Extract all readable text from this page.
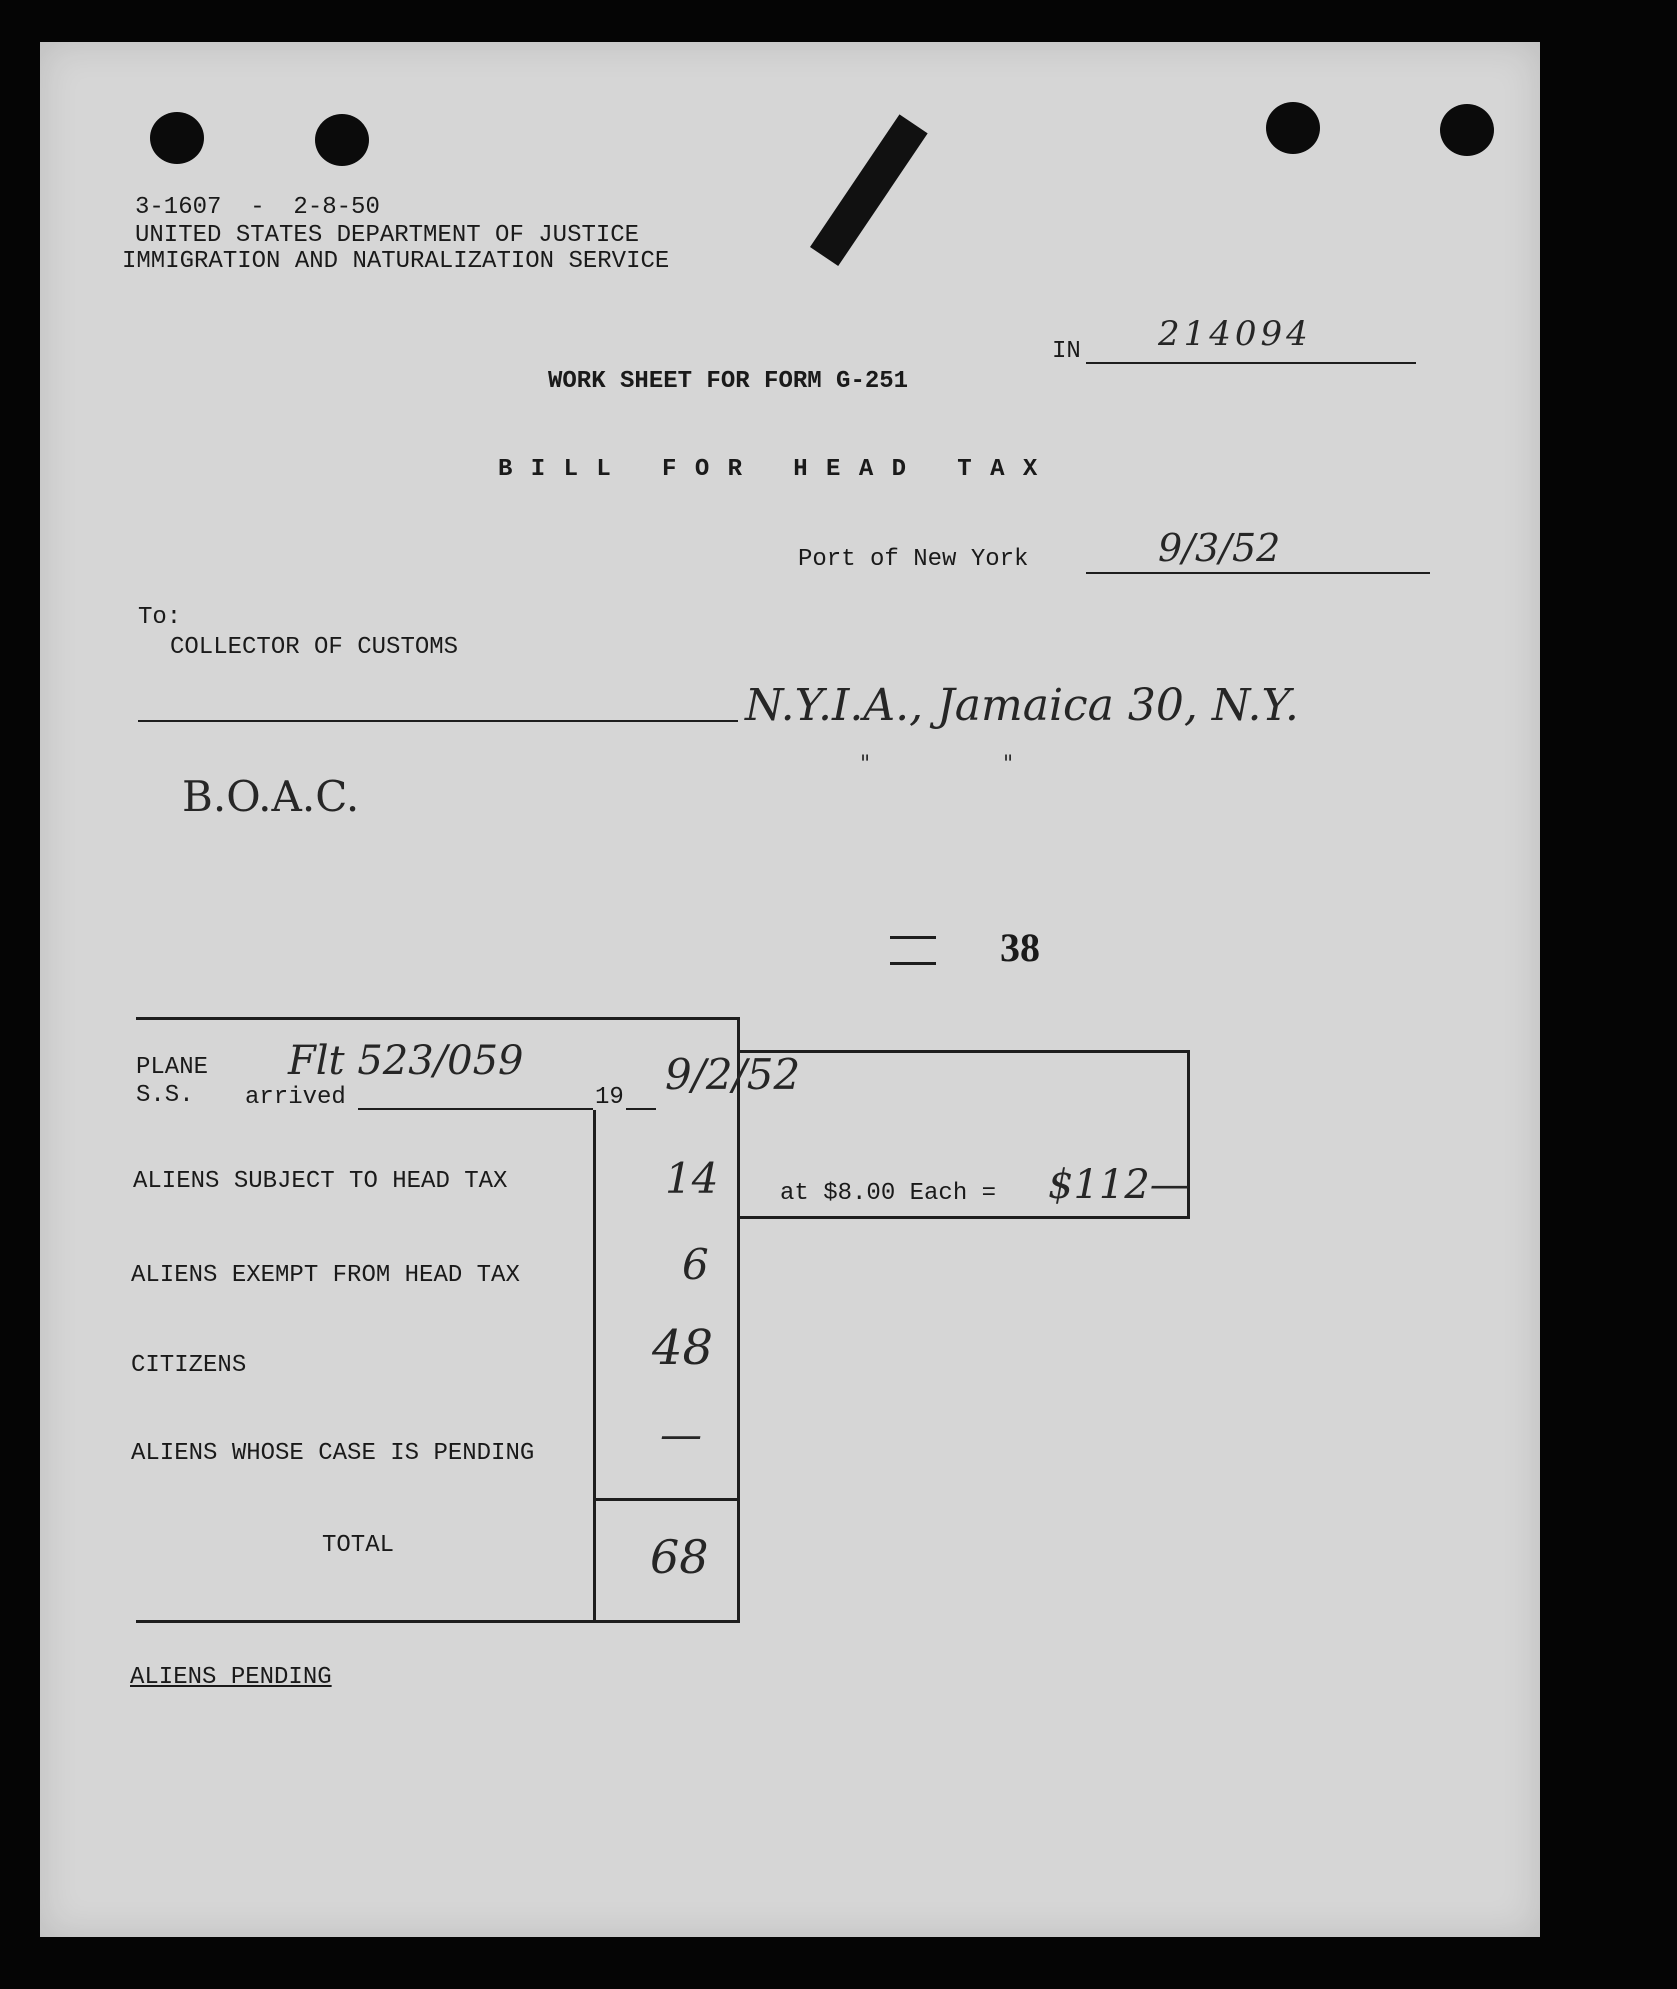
3-1607  -  2-8-50
UNITED STATES DEPARTMENT OF JUSTICE
IMMIGRATION AND NATURALIZATION SERVICE
IN 214094
WORK SHEET FOR FORM G-251
B I L L   F O R   H E A D   T A X
Port of New York	9/3/52
To:
COLLECTOR OF CUSTOMS
N.Y.I.A., Jamaica 30, N.Y.
"                   "
B.O.A.C.
38
PLANE
S.S. arrived	19
Flt 523/059	9/2/52
ALIENS SUBJECT TO HEAD TAX	14
ALIENS EXEMPT FROM HEAD TAX	6
CITIZENS	48
ALIENS WHOSE CASE IS PENDING	—
TOTAL	68
at $8.00 Each = $112—
ALIENS PENDING
